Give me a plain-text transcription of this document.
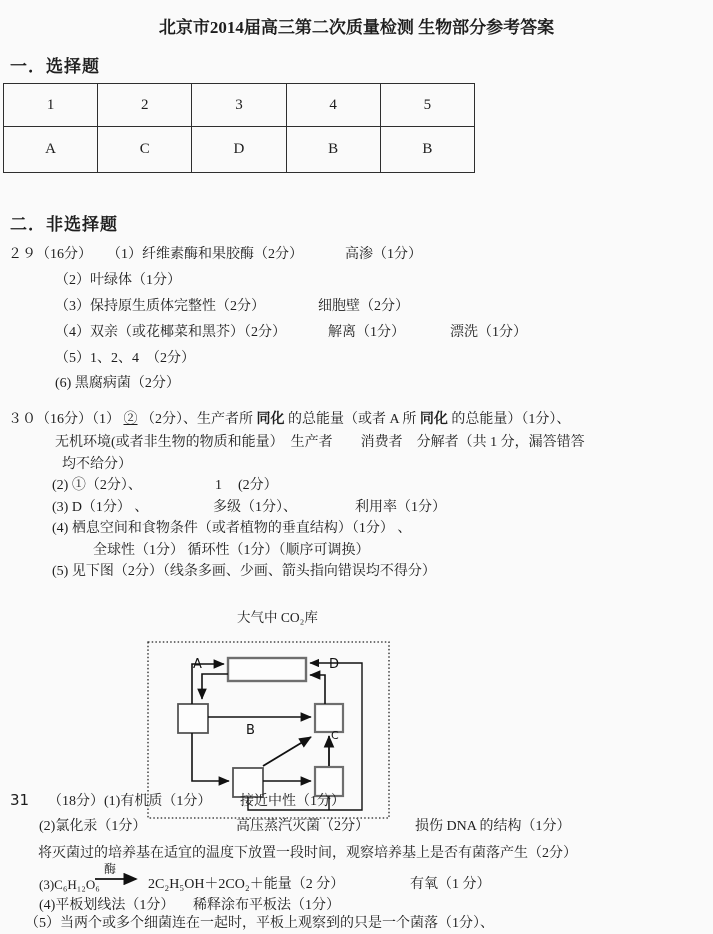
北京市2014届高三第二次质量检测 生物部分参考答案
一．选择题
1	2	3	4	5
A	C	D	B	B
二．非选择题
２９（16分） （1）纤维素酶和果胶酶（2分）	高渗（1分）
（2）叶绿体（1分）
（3）保持原生质体完整性（2分）	细胞壁（2分）
（4）双亲（或花椰菜和黑芥）（2分）	解离（1分）	漂洗（1分）
（5）1、2、4　（2分）
(6) 黑腐病菌（2分）
３０（16分）（1） ② （2分）、生产者所 同化 的总能量（或者 A 所 同化 的总能量）（1分）、
无机环境(或者非生物的物质和能量）　生产者　　消费者　分解者（共 1 分，漏答错答
均不给分）
(2) ①（2分）、	1 (2分）
(3) D（1分） 、	多级（1分）、	利用率（1分）
(4) 栖息空间和食物条件（或者植物的垂直结构）（1分） 、
全球性（1分） 循环性（1分）（顺序可调换）
(5) 见下图（2分）（线条多画、少画、箭头指向错误均不得分）
大气中 CO₂库
A	D
B	C
31 （18分）(1)有机质（1分） 接近中性（1分）
(2)氯化汞（1分）	高压蒸汽灭菌（2分）	损伤 DNA 的结构（1分）
将灭菌过的培养基在适宜的温度下放置一段时间，观察培养基上是否有菌落产生（2分）
(3)C₆H₁₂O₆
酶
→ 2C₂H₅OH＋2CO₂＋能量（2 分）	有氧（1 分）
(4)平板划线法（1分） 稀释涂布平板法（1分）
（5）当两个或多个细菌连在一起时，平板上观察到的只是一个菌落（1分）、
